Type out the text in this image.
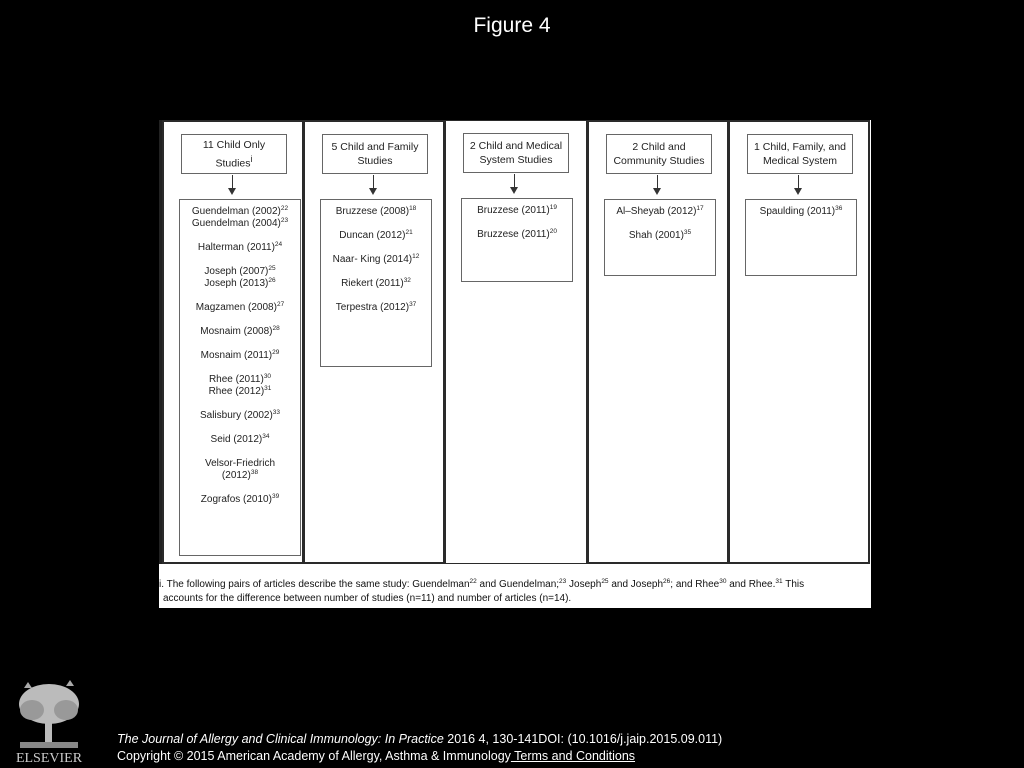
Figure 4
11 Child Only
Studies$^i$
Guendelman $(2002)^{22}$
Guendelman $(2004)^{23}$
Halterman $(2011)^{24}$
Joseph $(2007)^{25}$
Joseph $(2013)^{26}$
Magzamen $(2008)^{27}$
Mosnaim $(2008)^{28}$
Mosnaim $(2011)^{29}$
Rhee $(2011)^{30}$
Rhee $(2012)^{31}$
Salisbury $(2002)^{33}$
Seid $(2012)^{34}$
Velsor-Friedrich
$(2012)^{38}$
Zografos $(2010)^{39}$
5 Child and Family
Studies
Bruzzese $(2008)^{18}$
Duncan $(2012)^{21}$
Naar- King $(2014)^{12}$
Riekert $(2011)^{32}$
Terpestra $(2012)^{37}$
2 Child and Medical
System Studies
Bruzzese $(2011)^{19}$
Bruzzese $(2011)^{20}$
2 Child and
Community Studies
Al–Sheyab $(2012)^{17}$
Shah $(2001)^{35}$
1 Child, Family, and
Medical System
Spaulding $(2011)^{36}$
i. The following pairs of articles describe the same study: Guendelman$^{22}$ and Guendelman;$^{23}$ Joseph$^{25}$ and Joseph$^{26}$; and Rhee$^{30}$ and Rhee.$^{31}$ This
accounts for the difference between number of studies (n=11) and number of articles (n=14).
ELSEVIER
The Journal of Allergy and Clinical Immunology: In Practice 2016 4, 130-141DOI: (10.1016/j.jaip.2015.09.011)
Copyright © 2015 American Academy of Allergy, Asthma & Immunology Terms and Conditions
